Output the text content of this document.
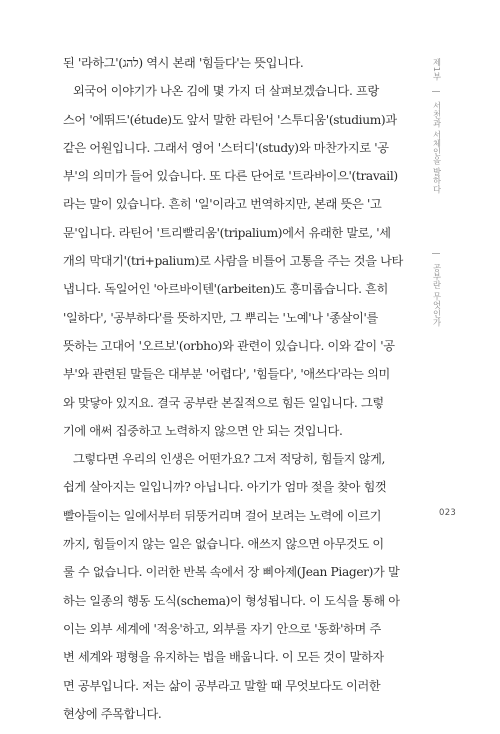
제1부 | 서천과 서체인을 발하다  | 공부란 무엇인가
된 '라하그'(להג) 역시 본래 '힘들다'는 뜻입니다.
외국어 이야기가 나온 김에 몇 가지 더 살펴보겠습니다. 프랑
스어 '에뛰드'(étude)도 앞서 말한 라틴어 '스투디움'(studium)과
같은 어원입니다. 그래서 영어 '스터디'(study)와 마찬가지로 '공
부'의 의미가 들어 있습니다. 또 다른 단어로 '트라바이으'(travail)
라는 말이 있습니다. 흔히 '일'이라고 번역하지만, 본래 뜻은 '고
문'입니다. 라틴어 '트리빨리움'(tripalium)에서 유래한 말로, '세
개의 막대기'(tri+palium)로 사람을 비틀어 고통을 주는 것을 나타
냅니다. 독일어인 '아르바이텐'(arbeiten)도 흥미롭습니다. 흔히
'일하다', '공부하다'를 뜻하지만, 그 뿌리는 '노예'나 '종살이'를
뜻하는 고대어 '오르보'(orbho)와 관련이 있습니다. 이와 같이 '공
부'와 관련된 말들은 대부분 '어렵다', '힘들다', '애쓰다'라는 의미
와 맞닿아 있지요. 결국 공부란 본질적으로 힘든 일입니다. 그렇
기에 애써 집중하고 노력하지 않으면 안 되는 것입니다.
그렇다면 우리의 인생은 어떤가요? 그저 적당히, 힘들지 않게,
쉽게 살아지는 일입니까? 아닙니다. 아기가 엄마 젖을 찾아 힘껏
빨아들이는 일에서부터 뒤뚱거리며 걸어 보려는 노력에 이르기
까지, 힘들이지 않는 일은 없습니다. 애쓰지 않으면 아무것도 이
룰 수 없습니다. 이러한 반복 속에서 장 삐아제(Jean Piager)가 말
하는 일종의 행동 도식(schema)이 형성됩니다. 이 도식을 통해 아
이는 외부 세계에 '적응'하고, 외부를 자기 안으로 '동화'하며 주
변 세계와 평형을 유지하는 법을 배웁니다. 이 모든 것이 말하자
면 공부입니다. 저는 삶이 공부라고 말할 때 무엇보다도 이러한
현상에 주목합니다.
023
